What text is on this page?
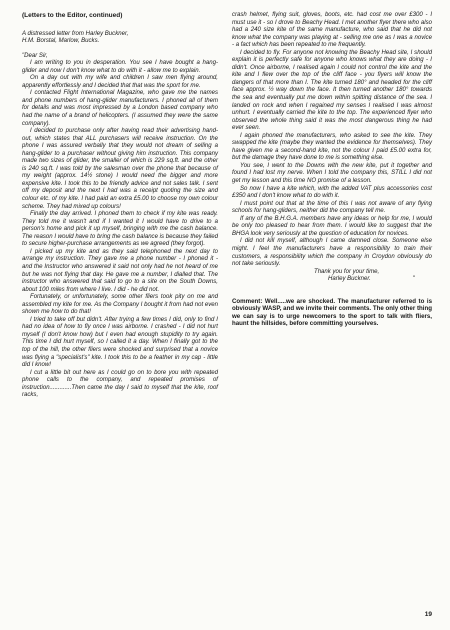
(Letters to the Editor, continued)

A distressed letter from Harley Buckner,
H.M. Borstal, Marlow, Bucks.

"Dear Sir,

I am writing to you in desperation. You see I have bought a hang-glider and now I don't know what to do with it - allow me to explain.

On a day out with my wife and children I saw men flying around, apparently effortlessly and I decided that that was the sport for me.

I contacted Flight International Magazine, who gave me the names and phone numbers of hang-glider manufacturers. I phoned all of them for details and was most impressed by a London based company who had the name of a brand of helicopters. (I assumed they were the same company).

I decided to purchase only after having read their advertising hand-out, which states that ALL purchasers will receive instruction. On the phone I was assured verbally that they would not dream of selling a hang-glider to a purchaser without giving him instruction. This company made two sizes of glider, the smaller of which is 229 sq.ft. and the other is 240 sq.ft. I was told by the salesman over the phone that because of my weight (approx. 14½ stone) I would need the bigger and more expensive kite. I took this to be friendly advice and not sales talk. I sent off my deposit and the next I had was a receipt quoting the size and colour etc. of my kite. I had paid an extra £5.00 to choose my own colour scheme. They had mixed up colours!

Finally the day arrived. I phoned them to check if my kite was ready. They told me it wasn't and if I wanted it I would have to drive to a person's home and pick it up myself, bringing with me the cash balance. The reason I would have to bring the cash balance is because they failed to secure higher-purchase arrangements as we agreed (they forgot).

I picked up my kite and as they said telephoned the next day to arrange my instruction. They gave me a phone number - I phoned it - and the Instructor who answered it said not only had he not heard of me but he was not flying that day. He gave me a number, I dialled that. The instructor who answered that said to go to a site on the South Downs, about 100 miles from where I live. I did - he did not.

Fortunately, or unfortunately, some other fliers took pity on me and assembled my kite for me. As the Company I bought it from had not even shown me how to do that!

I tried to take off but didn't. After trying a few times I did, only to find I had no idea of how to fly once I was airborne. I crashed - I did not hurt myself (I don't know how) but I even had enough stupidity to try again. This time I did hurt myself, so I called it a day. When I finally got to the top of the hill, the other fliers were shocked and surprised that a novice was flying a "specialist's" kite. I took this to be a feather in my cap - little did I know!

I cut a little bit out here as I could go on to bore you with repeated phone calls to the company, and repeated promises of instruction.............Then came the day I said to myself that the kite, roof racks,

crash helmet, flying suit, gloves, boots, etc. had cost me over £300 - I must use it - so I drove to Beachy Head. I met another flyer there who also had a 240 size kite of the same manufacture, who said that he did not know what the company was playing at - selling me one as I was a novice - a fact which has been repeated to me frequently.

I decided to fly. For anyone not knowing the Beachy Head site, I should explain it is perfectly safe for anyone who knows what they are doing - I didn't. Once airborne, I realised again I could not control the kite and the kite and I flew over the top of the cliff face - you flyers will know the dangers of that more than I. The kite turned 180° and headed for the cliff face approx. ½ way down the face. It then turned another 180° towards the sea and eventually put me down within spitting distance of the sea. I landed on rock and when I regained my senses I realised I was almost unhurt. I eventually carried the kite to the top. The experienced flyer who observed the whole thing said it was the most dangerous thing he had ever seen.

I again phoned the manufacturers, who asked to see the kite. They swapped the kite (maybe they wanted the evidence for themselves). They have given me a second-hand kite, not the colour I paid £5.00 extra for, but the damage they have done to me is something else.

You see, I went to the Downs with the new kite, put it together and found I had lost my nerve. When I told the company this, STILL I did not get my lesson and this time NO promise of a lesson.

So now I have a kite which, with the added VAT plus accessories cost £350 and I don't know what to do with it.

I must point out that at the time of this I was not aware of any flying schools for hang-gliders, neither did the company tell me.

If any of the B.H.G.A. members have any ideas or help for me, I would be only too pleased to hear from them. I would like to suggest that the BHGA look very seriously at the question of education for novices.

I did not kill myself, although I came damned close. Someone else might. I feel the manufacturers have a responsibility to train their customers, a responsibility which the company in Croydon obviously do not take seriously.

Thank you for your time,

Harley Buckner.	"

Comment: Well.....we are shocked. The manufacturer referred to is obviously WASP, and we invite their comments. The only other thing we can say is to urge newcomers to the sport to talk with fliers, haunt the hillsides, before committing yourselves.

19
